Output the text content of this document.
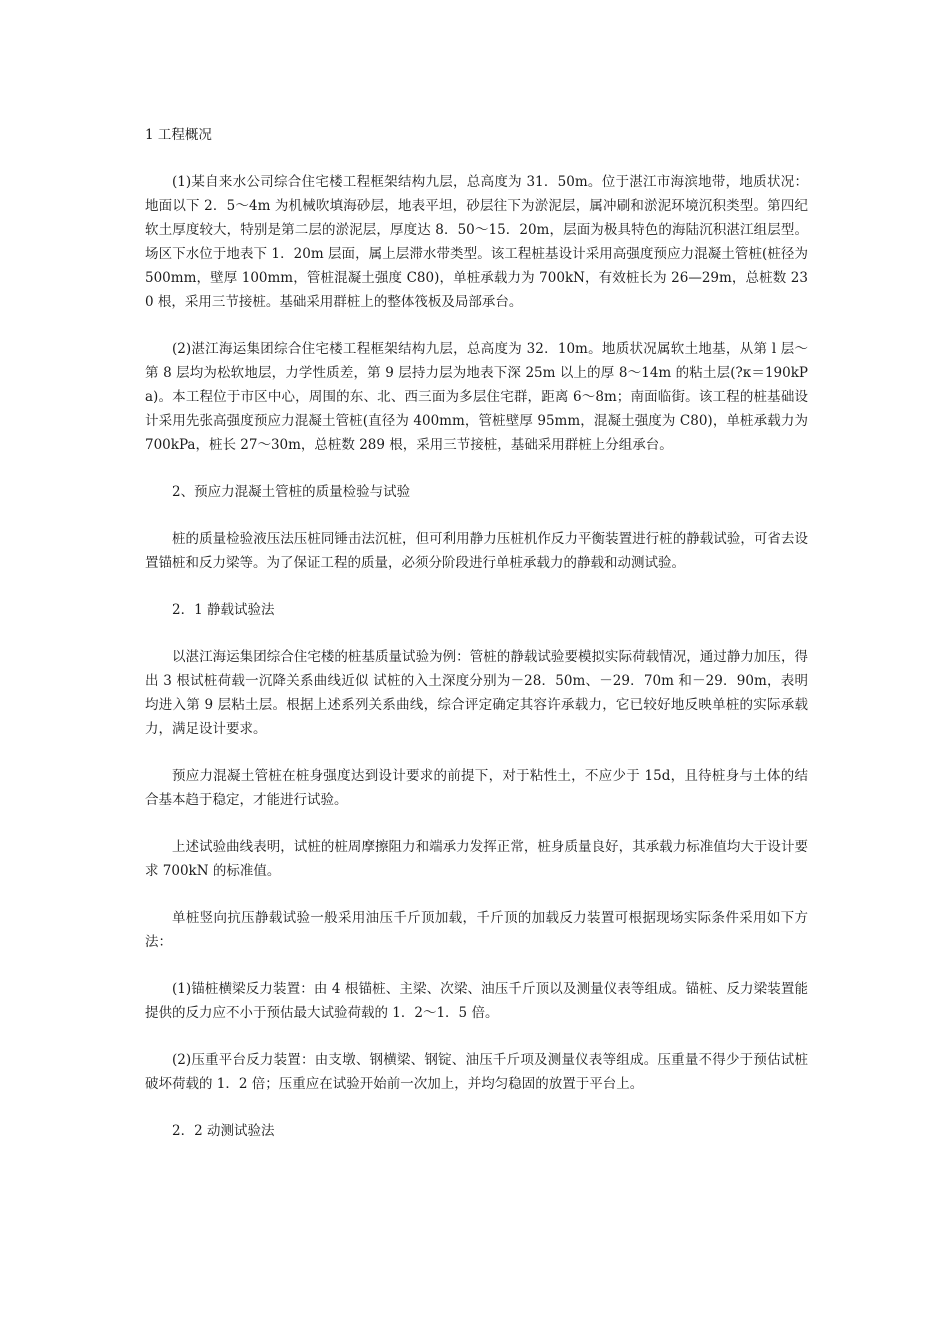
1 工程概况

(1)某自来水公司综合住宅楼工程框架结构九层，总高度为 31．50m。位于湛江市海滨地带，地质状况：地面以下 2．5～4m 为机械吹填海砂层，地表平坦，砂层往下为淤泥层，属冲刷和淤泥环境沉积类型。第四纪软土厚度较大，特别是第二层的淤泥层，厚度达 8．50～15．20m，层面为极具特色的海陆沉积湛江组层型。场区下水位于地表下 1．20m 层面，属上层滞水带类型。该工程桩基设计采用高强度预应力混凝土管桩(桩径为 500mm，壁厚 100mm，管桩混凝土强度 C80)，单桩承载力为 700kN，有效桩长为 26—29m，总桩数 230 根，采用三节接桩。基础采用群桩上的整体筏板及局部承台。

(2)湛江海运集团综合住宅楼工程框架结构九层，总高度为 32．10m。地质状况属软土地基，从第 l 层～第 8 层均为松软地层，力学性质差，第 9 层持力层为地表下深 25m 以上的厚 8～14m 的粘土层(?κ＝190kPa)。本工程位于市区中心，周围的东、北、西三面为多层住宅群，距离 6～8m；南面临街。该工程的桩基础设计采用先张高强度预应力混凝土管桩(直径为 400mm，管桩壁厚 95mm，混凝土强度为 C80)，单桩承载力为 700kPa，桩长 27～30m，总桩数 289 根，采用三节接桩，基础采用群桩上分组承台。

2、预应力混凝土管桩的质量检验与试验

桩的质量检验液压法压桩同锤击法沉桩，但可利用静力压桩机作反力平衡装置进行桩的静载试验，可省去设置锚桩和反力梁等。为了保证工程的质量，必须分阶段进行单桩承载力的静载和动测试验。

2．1 静载试验法

以湛江海运集团综合住宅楼的桩基质量试验为例：管桩的静载试验要模拟实际荷载情况，通过静力加压，得出 3 根试桩荷载一沉降关系曲线近似 试桩的入土深度分别为－28．50m、－29．70m 和－29．90m，表明均进入第 9 层粘土层。根据上述系列关系曲线，综合评定确定其容许承载力，它已较好地反映单桩的实际承载力，满足设计要求。

预应力混凝土管桩在桩身强度达到设计要求的前提下，对于粘性土，不应少于 15d，且待桩身与土体的结合基本趋于稳定，才能进行试验。

上述试验曲线表明，试桩的桩周摩擦阻力和端承力发挥正常，桩身质量良好，其承载力标准值均大于设计要求 700kN 的标准值。

单桩竖向抗压静载试验一般采用油压千斤顶加载，千斤顶的加载反力装置可根据现场实际条件采用如下方法：

(1)锚桩横梁反力装置：由 4 根锚桩、主梁、次梁、油压千斤顶以及测量仪表等组成。锚桩、反力梁装置能提供的反力应不小于预估最大试验荷载的 1．2～1．5 倍。

(2)压重平台反力装置：由支墩、钢横梁、钢锭、油压千斤项及测量仪表等组成。压重量不得少于预估试桩破坏荷载的 1．2 倍；压重应在试验开始前一次加上，并均匀稳固的放置于平台上。

2．2 动测试验法
